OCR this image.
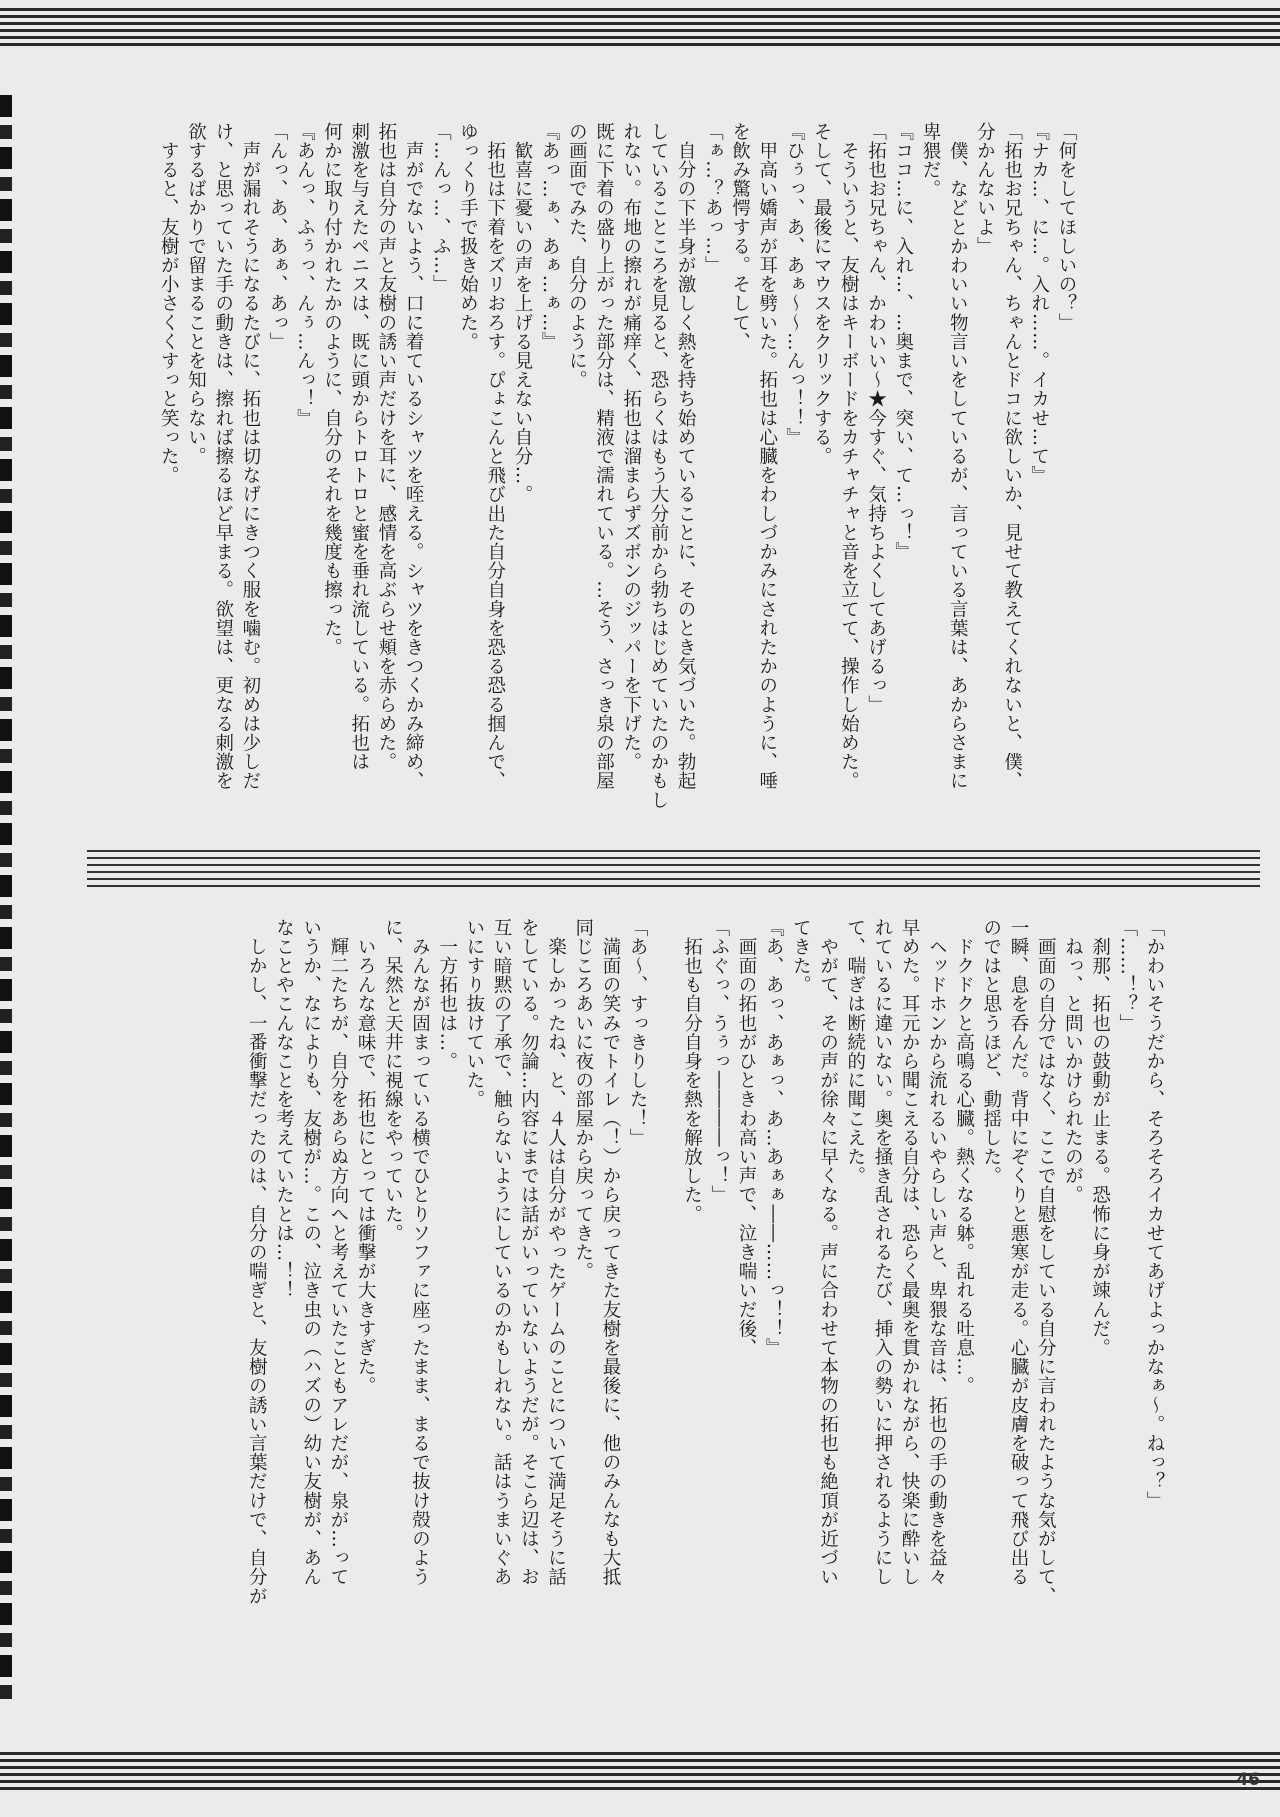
「何をしてほしいの？」

『ナカ…、に…。入れ……。イカせ…て』

「拓也お兄ちゃん、ちゃんとドコに欲しいか、見せて教えてくれないと、僕、

分かんないよ」

　僕、などとかわいい物言いをしているが、言っている言葉は、あからさまに

卑猥だ。

『ココ…に、入れ…、…奥まで、突い、て…っ！』

「拓也お兄ちゃん、かわいい〜★今すぐ、気持ちよくしてあげるっ」

　そういうと、友樹はキーボードをカチャチャと音を立てて、操作し始めた。

そして、最後にマウスをクリックする。

『ひぅっ、あ、あぁ〜〜…んっ！！』

　甲高い嬌声が耳を劈いた。拓也は心臓をわしづかみにされたかのように、唾

を飲み驚愕する。そして、

「ぁ…？あっ…」

　自分の下半身が激しく熱を持ち始めていることに、そのとき気づいた。勃起

していることころを見ると、恐らくはもう大分前から勃ちはじめていたのかもし

れない。布地の擦れが痛痒く、拓也は溜まらずズボンのジッパーを下げた。

既に下着の盛り上がった部分は、精液で濡れている。…そう、さっき泉の部屋

の画面でみた、自分のように。

『あっ…ぁ、あぁ…ぁ…』

　歓喜に憂いの声を上げる見えない自分…。

　拓也は下着をズリおろす。ぴょこんと飛び出た自分自身を恐る恐る掴んで、

ゆっくり手で扱き始めた。

「…んっ…、ふ…」

　声がでないよう、口に着ているシャツを咥える。シャツをきつくかみ締め、

拓也は自分の声と友樹の誘い声だけを耳に、感情を高ぶらせ頬を赤らめた。

刺激を与えたペニスは、既に頭からトロトロと蜜を垂れ流している。拓也は

何かに取り付かれたかのように、自分のそれを幾度も擦った。

『あんっ、ふぅっ、んぅ…んっ！』

「んっ、あ、あぁ、あっ」

　声が漏れそうになるたびに、拓也は切なげにきつく服を噛む。初めは少しだ

け、と思っていた手の動きは、擦れば擦るほど早まる。欲望は、更なる刺激を

欲するばかりで留まることを知らない。

　すると、友樹が小さくくすっと笑った。

「かわいそうだから、そろそろイカせてあげよっかなぁ〜。ねっ？」

「……！？」

　刹那、拓也の鼓動が止まる。恐怖に身が竦んだ。

　ねっ、と問いかけられたのが。

　画面の自分ではなく、ここで自慰をしている自分に言われたような気がして、

一瞬、息を呑んだ。背中にぞくりと悪寒が走る。心臓が皮膚を破って飛び出る

のではと思うほど、動揺した。

　ドクドクと高鳴る心臓。熱くなる躰。乱れる吐息…。

　ヘッドホンから流れるいやらしい声と、卑猥な音は、拓也の手の動きを益々

早めた。耳元から聞こえる自分は、恐らく最奥を貫かれながら、快楽に酔いし

れているに違いない。奥を掻き乱されるたび、挿入の勢いに押されるようにし

て、喘ぎは断続的に聞こえた。

　やがて、その声が徐々に早くなる。声に合わせて本物の拓也も絶頂が近づい

てきた。

『あ、あっ、あぁっ、あ…あぁぁ――……っ！！』

　画面の拓也がひときわ高い声で、泣き喘いだ後、

「ふぐっ、うぅっ――――っ！」

　拓也も自分自身を熱を解放した。

「あ〜、すっきりした！」

　満面の笑みでトイレ（！）から戻ってきた友樹を最後に、他のみんなも大抵

同じころあいに夜の部屋から戻ってきた。

　楽しかったね、と、４人は自分がやったゲームのことについて満足そうに話

をしている。勿論…内容にまでは話がいっていないようだが。そこら辺は、お

互い暗黙の了承で、触らないようにしているのかもしれない。話はうまいぐあ

いにすり抜けていた。

　一方拓也は…。

　みんなが固まっている横でひとりソファに座ったまま、まるで抜け殻のよう

に、呆然と天井に視線をやっていた。

　いろんな意味で、拓也にとっては衝撃が大きすぎた。

　輝二たちが、自分をあらぬ方向へと考えていたこともアレだが、泉が…って

いうか、なによりも、友樹が…。この、泣き虫の（ハズの）幼い友樹が、あん

なことやこんなことを考えていたとは…！！

　しかし、一番衝撃だったのは、自分の喘ぎと、友樹の誘い言葉だけで、自分が

46
